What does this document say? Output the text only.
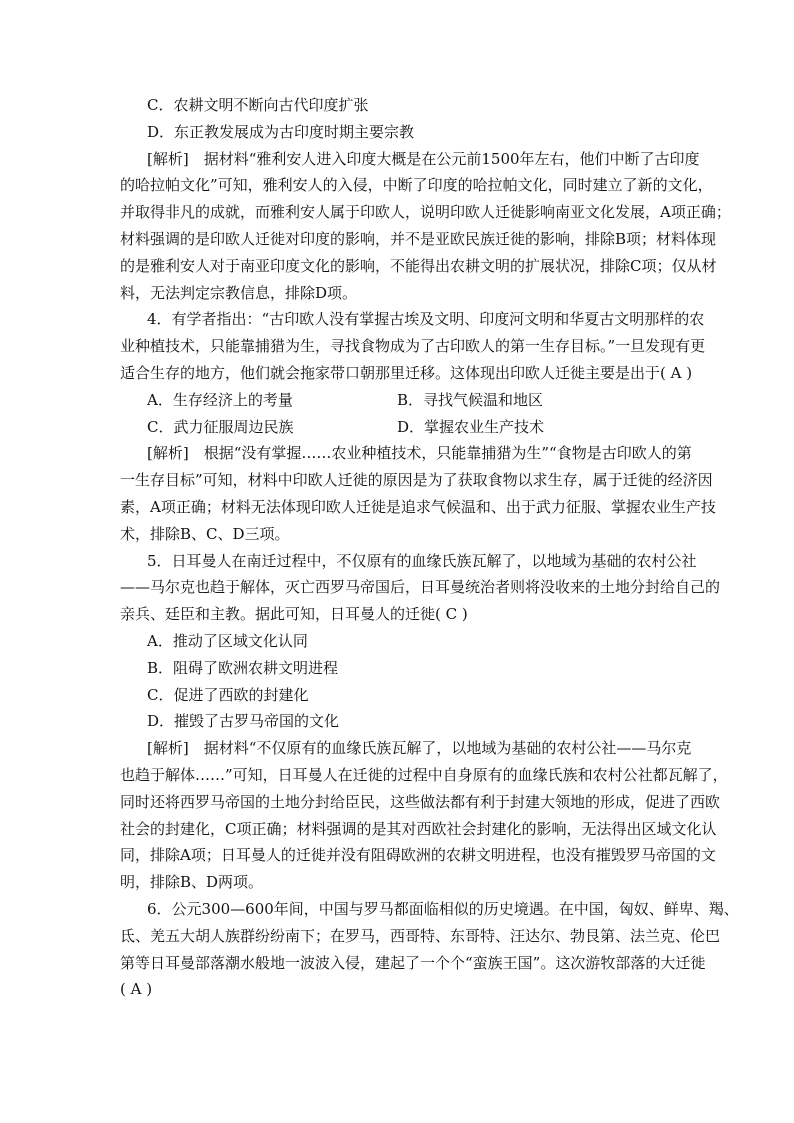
C．农耕文明不断向古代印度扩张
D．东正教发展成为古印度时期主要宗教
[解析]　据材料“雅利安人进入印度大概是在公元前1500年左右，他们中断了古印度
的哈拉帕文化”可知，雅利安人的入侵，中断了印度的哈拉帕文化，同时建立了新的文化，
并取得非凡的成就，而雅利安人属于印欧人，说明印欧人迁徙影响南亚文化发展，A项正确；
材料强调的是印欧人迁徙对印度的影响，并不是亚欧民族迁徙的影响，排除B项；材料体现
的是雅利安人对于南亚印度文化的影响，不能得出农耕文明的扩展状况，排除C项；仅从材
料，无法判定宗教信息，排除D项。
4．有学者指出：“古印欧人没有掌握古埃及文明、印度河文明和华夏古文明那样的农
业种植技术，只能靠捕猎为生，寻找食物成为了古印欧人的第一生存目标。”一旦发现有更
适合生存的地方，他们就会拖家带口朝那里迁移。这体现出印欧人迁徙主要是出于( A )
A．生存经济上的考量	B．寻找气候温和地区
C．武力征服周边民族	D．掌握农业生产技术
[解析]　根据“没有掌握……农业种植技术，只能靠捕猎为生”“食物是古印欧人的第
一生存目标”可知，材料中印欧人迁徙的原因是为了获取食物以求生存，属于迁徙的经济因
素，A项正确；材料无法体现印欧人迁徙是追求气候温和、出于武力征服、掌握农业生产技
术，排除B、C、D三项。
5．日耳曼人在南迁过程中，不仅原有的血缘氏族瓦解了，以地域为基础的农村公社
——马尔克也趋于解体，灭亡西罗马帝国后，日耳曼统治者则将没收来的土地分封给自己的
亲兵、廷臣和主教。据此可知，日耳曼人的迁徙( C )
A．推动了区域文化认同
B．阻碍了欧洲农耕文明进程
C．促进了西欧的封建化
D．摧毁了古罗马帝国的文化
[解析]　据材料“不仅原有的血缘氏族瓦解了，以地域为基础的农村公社——马尔克
也趋于解体……”可知，日耳曼人在迁徙的过程中自身原有的血缘氏族和农村公社都瓦解了，
同时还将西罗马帝国的土地分封给臣民，这些做法都有利于封建大领地的形成，促进了西欧
社会的封建化，C项正确；材料强调的是其对西欧社会封建化的影响，无法得出区域文化认
同，排除A项；日耳曼人的迁徙并没有阻碍欧洲的农耕文明进程，也没有摧毁罗马帝国的文
明，排除B、D两项。
6．公元300—600年间，中国与罗马都面临相似的历史境遇。在中国，匈奴、鲜卑、羯、
氐、羌五大胡人族群纷纷南下；在罗马，西哥特、东哥特、汪达尔、勃艮第、法兰克、伦巴
第等日耳曼部落潮水般地一波波入侵，建起了一个个“蛮族王国”。这次游牧部落的大迁徙
( A )
